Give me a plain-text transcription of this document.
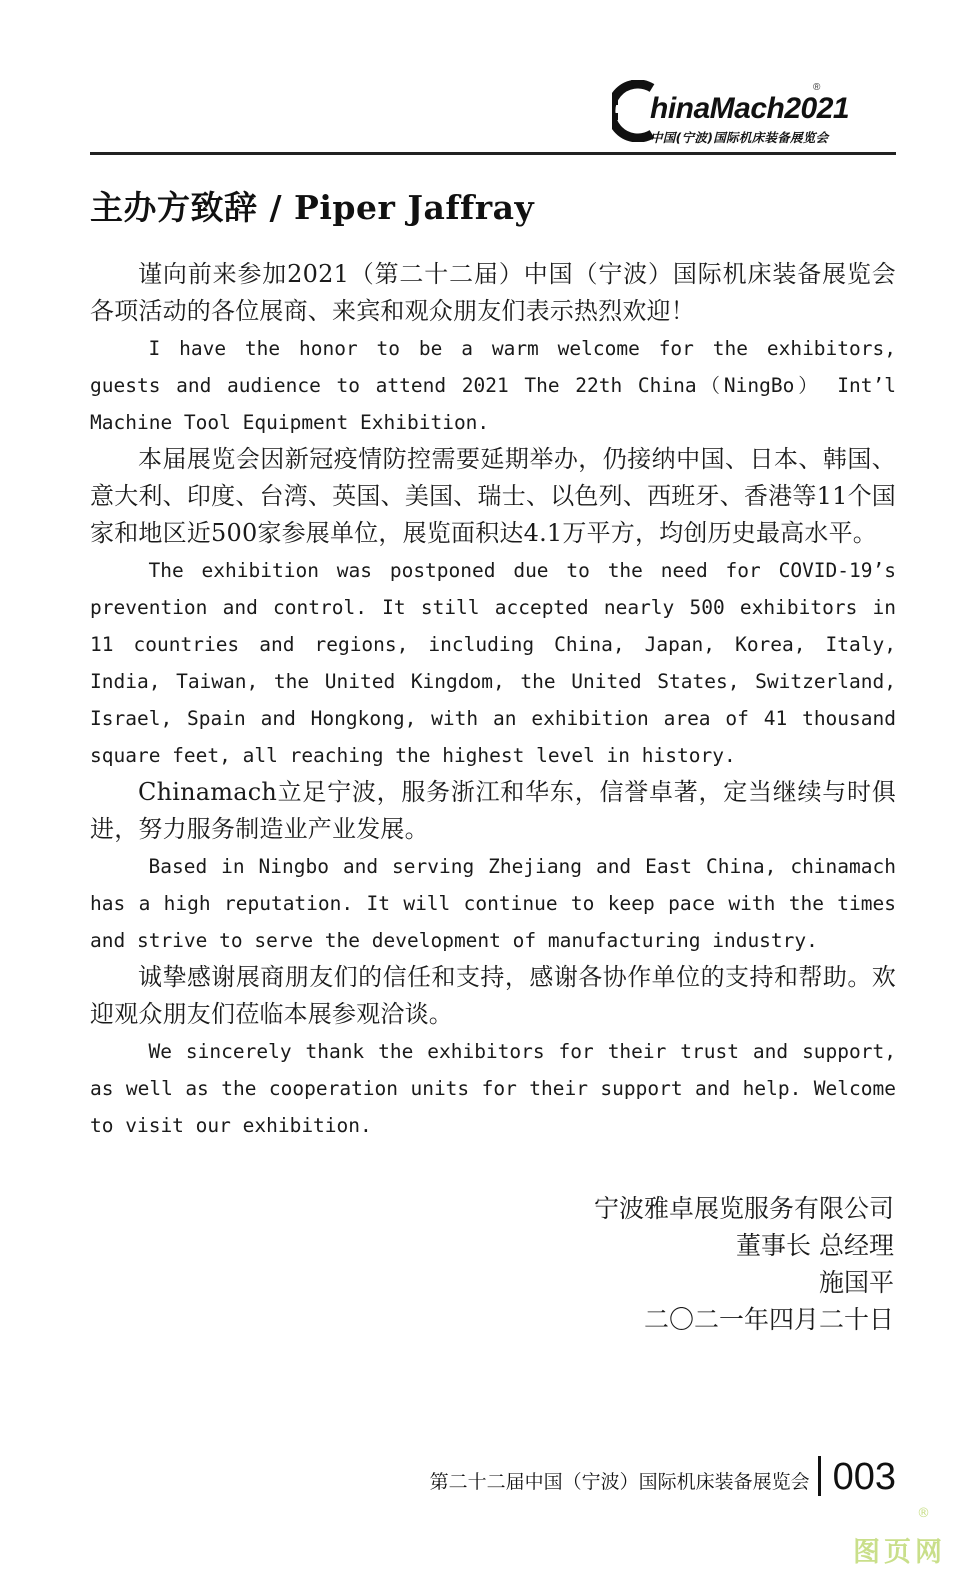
hinaMach2021
®
中国(宁波)国际机床装备展览会
主办方致辞 / Piper Jaffray

谨向前来参加2021（第二十二届）中国（宁波）国际机床装备展览会各项活动的各位展商、来宾和观众朋友们表示热烈欢迎！

I have the honor to be a warm welcome for the exhibitors, guests and audience to attend 2021 The 22th China（NingBo） Int’l Machine Tool Equipment Exhibition.

本届展览会因新冠疫情防控需要延期举办，仍接纳中国、日本、韩国、意大利、印度、台湾、英国、美国、瑞士、以色列、西班牙、香港等11个国家和地区近500家参展单位，展览面积达4.1万平方，均创历史最高水平。

The exhibition was postponed due to the need for COVID-19’s prevention and control. It still accepted nearly 500 exhibitors in 11 countries and regions, including China, Japan, Korea, Italy, India, Taiwan, the United Kingdom, the United States, Switzerland, Israel, Spain and Hongkong, with an exhibition area of 41 thousand square feet, all reaching the highest level in history.

Chinamach立足宁波，服务浙江和华东，信誉卓著，定当继续与时俱进，努力服务制造业产业发展。

Based in Ningbo and serving Zhejiang and East China, chinamach has a high reputation. It will continue to keep pace with the times and strive to serve the development of manufacturing industry.

诚挚感谢展商朋友们的信任和支持，感谢各协作单位的支持和帮助。欢迎观众朋友们莅临本展参观洽谈。

We sincerely thank the exhibitors for their trust and support, as well as the cooperation units for their support and help. Welcome to visit our exhibition.

宁波雅卓展览服务有限公司
董事长 总经理
施国平
二〇二一年四月二十日
第二十二届中国（宁波）国际机床装备展览会 003
®
图页网
